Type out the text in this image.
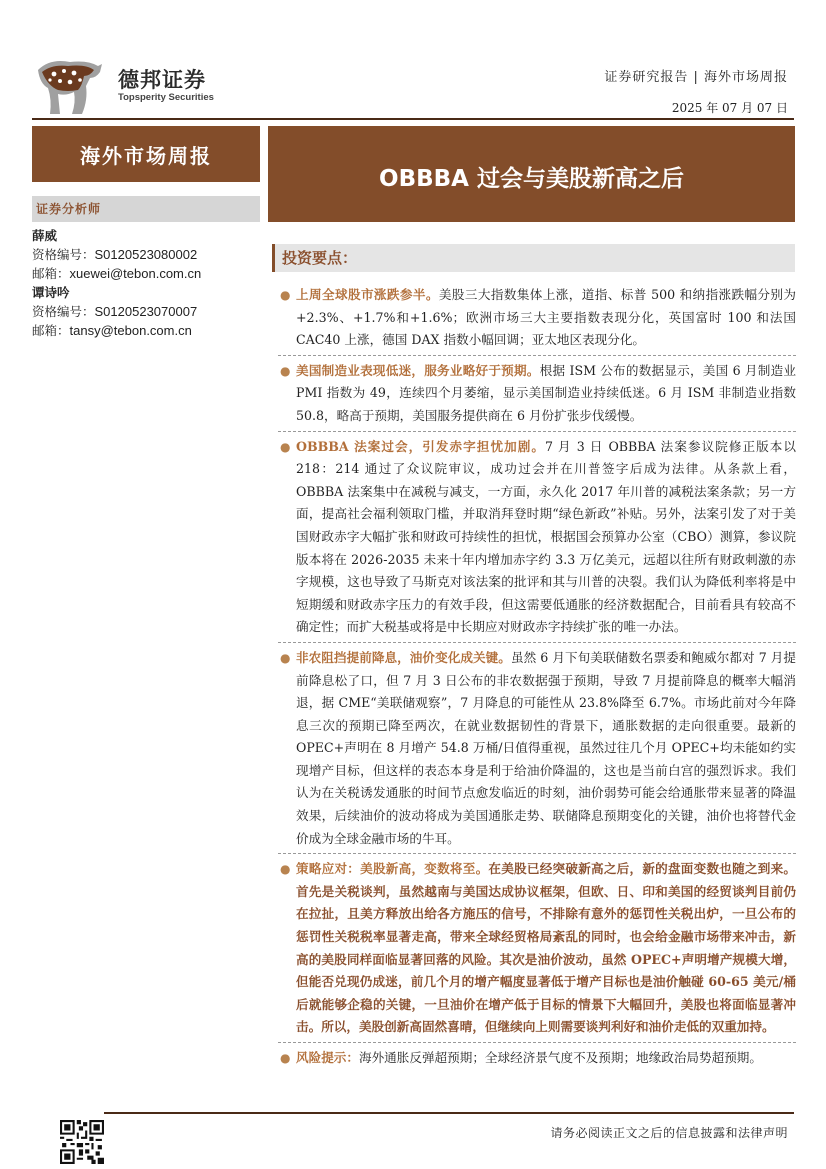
德邦证券
Topsperity Securities
证券研究报告 | 海外市场周报
2025 年 07 月 07 日
海外市场周报
证券分析师
薛威
资格编号：S0120523080002
邮箱：xuewei@tebon.com.cn
谭诗吟
资格编号：S0120523070007
邮箱：tansy@tebon.com.cn
OBBBA 过会与美股新高之后
投资要点：
● 上周全球股市涨跌参半。美股三大指数集体上涨，道指、标普 500 和纳指涨跌幅分别为+2.3%、+1.7%和+1.6%；欧洲市场三大主要指数表现分化，英国富时 100 和法国 CAC40 上涨，德国 DAX 指数小幅回调；亚太地区表现分化。
● 美国制造业表现低迷，服务业略好于预期。根据 ISM 公布的数据显示，美国 6 月制造业 PMI 指数为 49，连续四个月萎缩，显示美国制造业持续低迷。6 月 ISM 非制造业指数 50.8，略高于预期，美国服务提供商在 6 月份扩张步伐缓慢。
● OBBBA 法案过会，引发赤字担忧加剧。7 月 3 日 OBBBA 法案参议院修正版本以 218：214 通过了众议院审议，成功过会并在川普签字后成为法律。从条款上看，OBBBA 法案集中在减税与减支，一方面，永久化 2017 年川普的减税法案条款；另一方面，提高社会福利领取门槛，并取消拜登时期“绿色新政”补贴。另外，法案引发了对于美国财政赤字大幅扩张和财政可持续性的担忧，根据国会预算办公室（CBO）测算，参议院版本将在 2026-2035 未来十年内增加赤字约 3.3 万亿美元，远超以往所有财政刺激的赤字规模，这也导致了马斯克对该法案的批评和其与川普的决裂。我们认为降低利率将是中短期缓和财政赤字压力的有效手段，但这需要低通胀的经济数据配合，目前看具有较高不确定性；而扩大税基或将是中长期应对财政赤字持续扩张的唯一办法。
● 非农阻挡提前降息，油价变化成关键。虽然 6 月下旬美联储数名票委和鲍威尔都对 7 月提前降息松了口，但 7 月 3 日公布的非农数据强于预期，导致 7 月提前降息的概率大幅消退，据 CME“美联储观察”，7 月降息的可能性从 23.8%降至 6.7%。市场此前对今年降息三次的预期已降至两次，在就业数据韧性的背景下，通胀数据的走向很重要。最新的 OPEC+声明在 8 月增产 54.8 万桶/日值得重视，虽然过往几个月 OPEC+均未能如约实现增产目标，但这样的表态本身是利于给油价降温的，这也是当前白宫的强烈诉求。我们认为在关税诱发通胀的时间节点愈发临近的时刻，油价弱势可能会给通胀带来显著的降温效果，后续油价的波动将成为美国通胀走势、联储降息预期变化的关键，油价也将替代金价成为全球金融市场的牛耳。
● 策略应对：美股新高，变数将至。在美股已经突破新高之后，新的盘面变数也随之到来。首先是关税谈判，虽然越南与美国达成协议框架，但欧、日、印和美国的经贸谈判目前仍在拉扯，且美方释放出给各方施压的信号，不排除有意外的惩罚性关税出炉，一旦公布的惩罚性关税税率显著走高，带来全球经贸格局紊乱的同时，也会给金融市场带来冲击，新高的美股同样面临显著回落的风险。其次是油价波动，虽然 OPEC+声明增产规模大增，但能否兑现仍成迷，前几个月的增产幅度显著低于增产目标也是油价触碰 60-65 美元/桶后就能够企稳的关键，一旦油价在增产低于目标的情景下大幅回升，美股也将面临显著冲击。所以，美股创新高固然喜晴，但继续向上则需要谈判利好和油价走低的双重加持。
● 风险提示：海外通胀反弹超预期；全球经济景气度不及预期；地缘政治局势超预期。
请务必阅读正文之后的信息披露和法律声明
